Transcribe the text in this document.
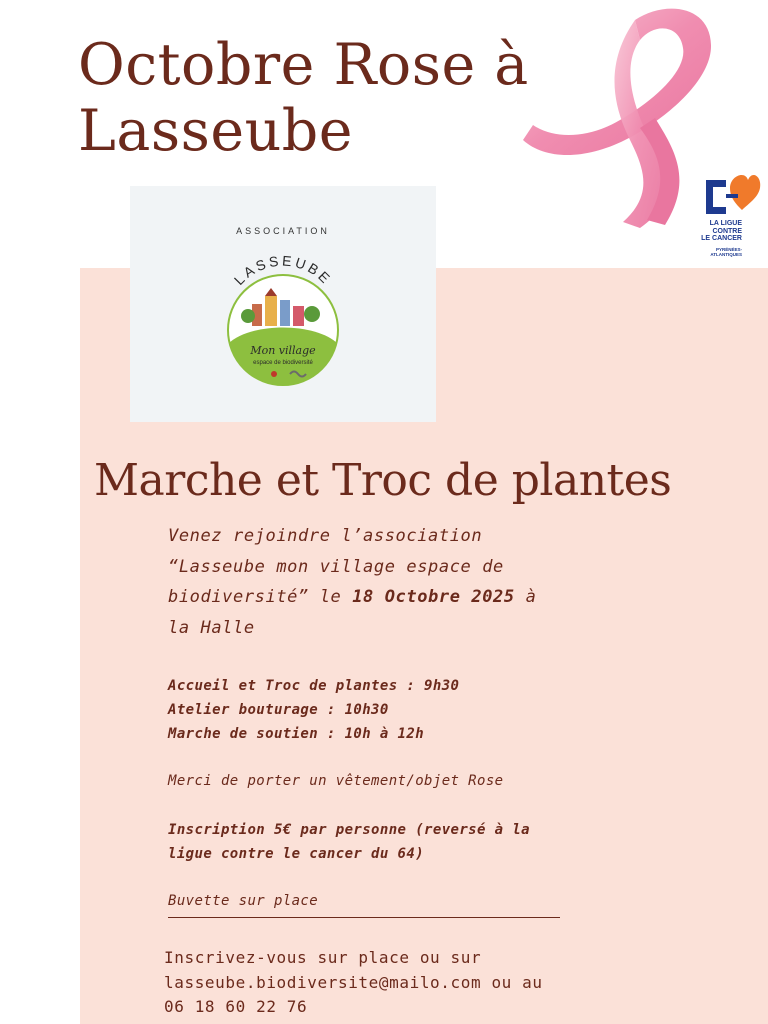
Octobre Rose à
Lasseube
LA LIGUE
CONTRE
LE CANCER
PYRÉNÉES-
ATLANTIQUES
ASSOCIATION
LASSEUBE
Mon village
espace de biodiversité
Marche et Troc de plantes
Venez rejoindre l’association
“Lasseube mon village espace de
biodiversité” le 18 Octobre 2025 à
la Halle
Accueil et Troc de plantes : 9h30
Atelier bouturage : 10h30
Marche de soutien : 10h à 12h
Merci de porter un vêtement/objet Rose
Inscription 5€ par personne (reversé à la
ligue contre le cancer du 64)
Buvette sur place
Inscrivez-vous sur place ou sur
lasseube.biodiversite@mailo.com ou au
06 18 60 22 76
